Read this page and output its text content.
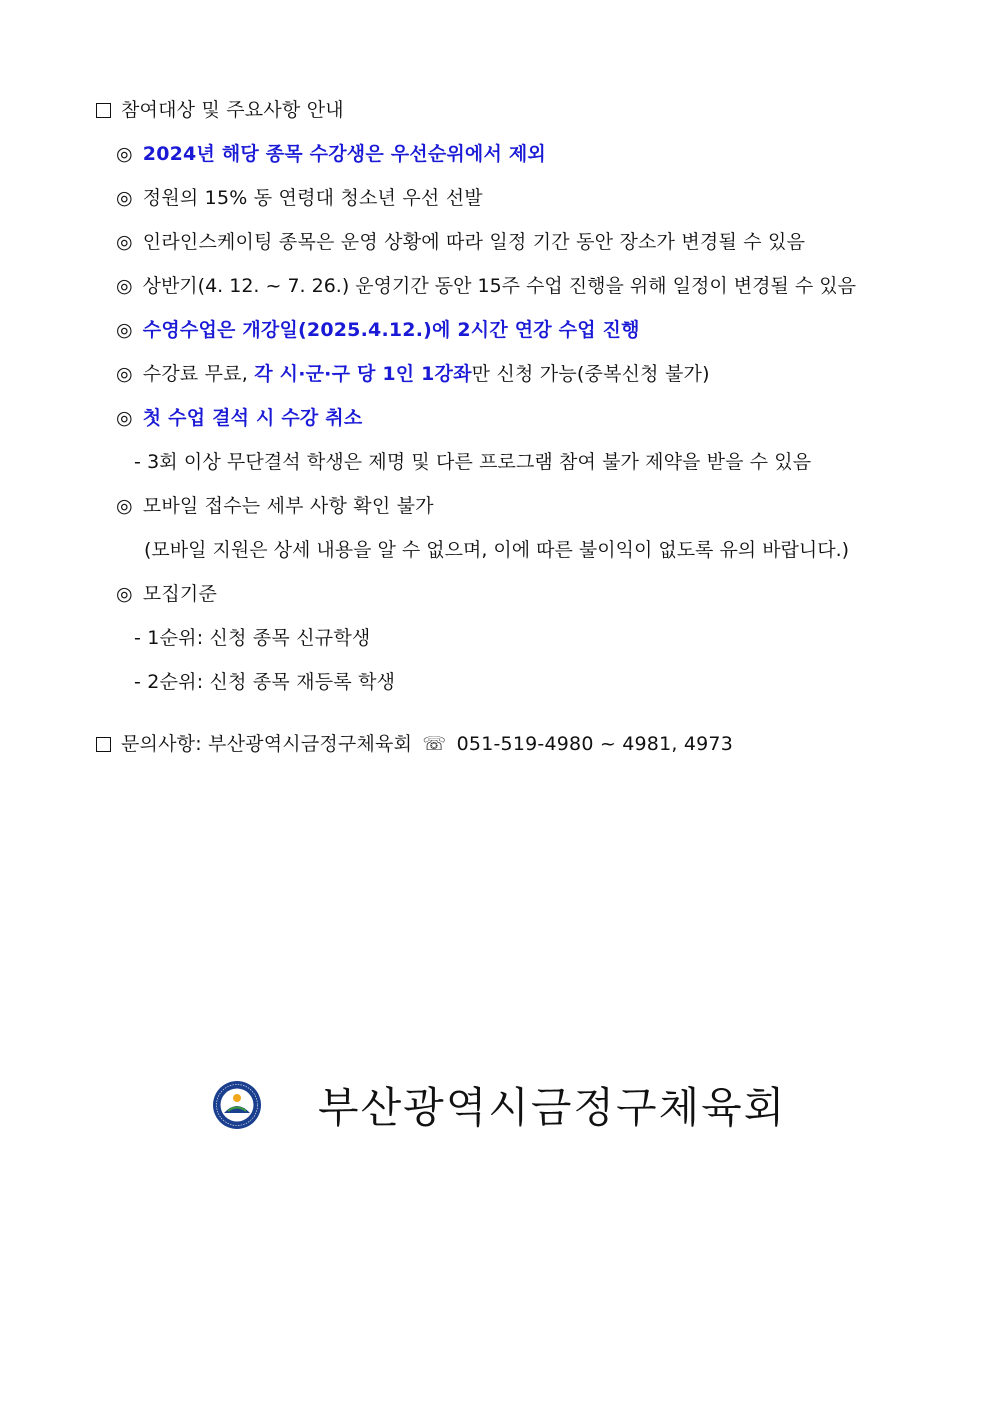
참여대상 및 주요사항 안내
◎ 2024년 해당 종목 수강생은 우선순위에서 제외
◎ 정원의 15% 동 연령대 청소년 우선 선발
◎ 인라인스케이팅 종목은 운영 상황에 따라 일정 기간 동안 장소가 변경될 수 있음
◎ 상반기(4. 12. ~ 7. 26.) 운영기간 동안 15주 수업 진행을 위해 일정이 변경될 수 있음
◎ 수영수업은 개강일(2025.4.12.)에 2시간 연강 수업 진행
◎ 수강료 무료, 각 시·군·구 당 1인 1강좌만 신청 가능(중복신청 불가)
◎ 첫 수업 결석 시 수강 취소
- 3회 이상 무단결석 학생은 제명 및 다른 프로그램 참여 불가 제약을 받을 수 있음
◎ 모바일 접수는 세부 사항 확인 불가
(모바일 지원은 상세 내용을 알 수 없으며, 이에 따른 불이익이 없도록 유의 바랍니다.)
◎ 모집기준
- 1순위: 신청 종목 신규학생
- 2순위: 신청 종목 재등록 학생
문의사항: 부산광역시금정구체육회 ☏ 051-519-4980 ~ 4981, 4973
부산광역시금정구체육회
